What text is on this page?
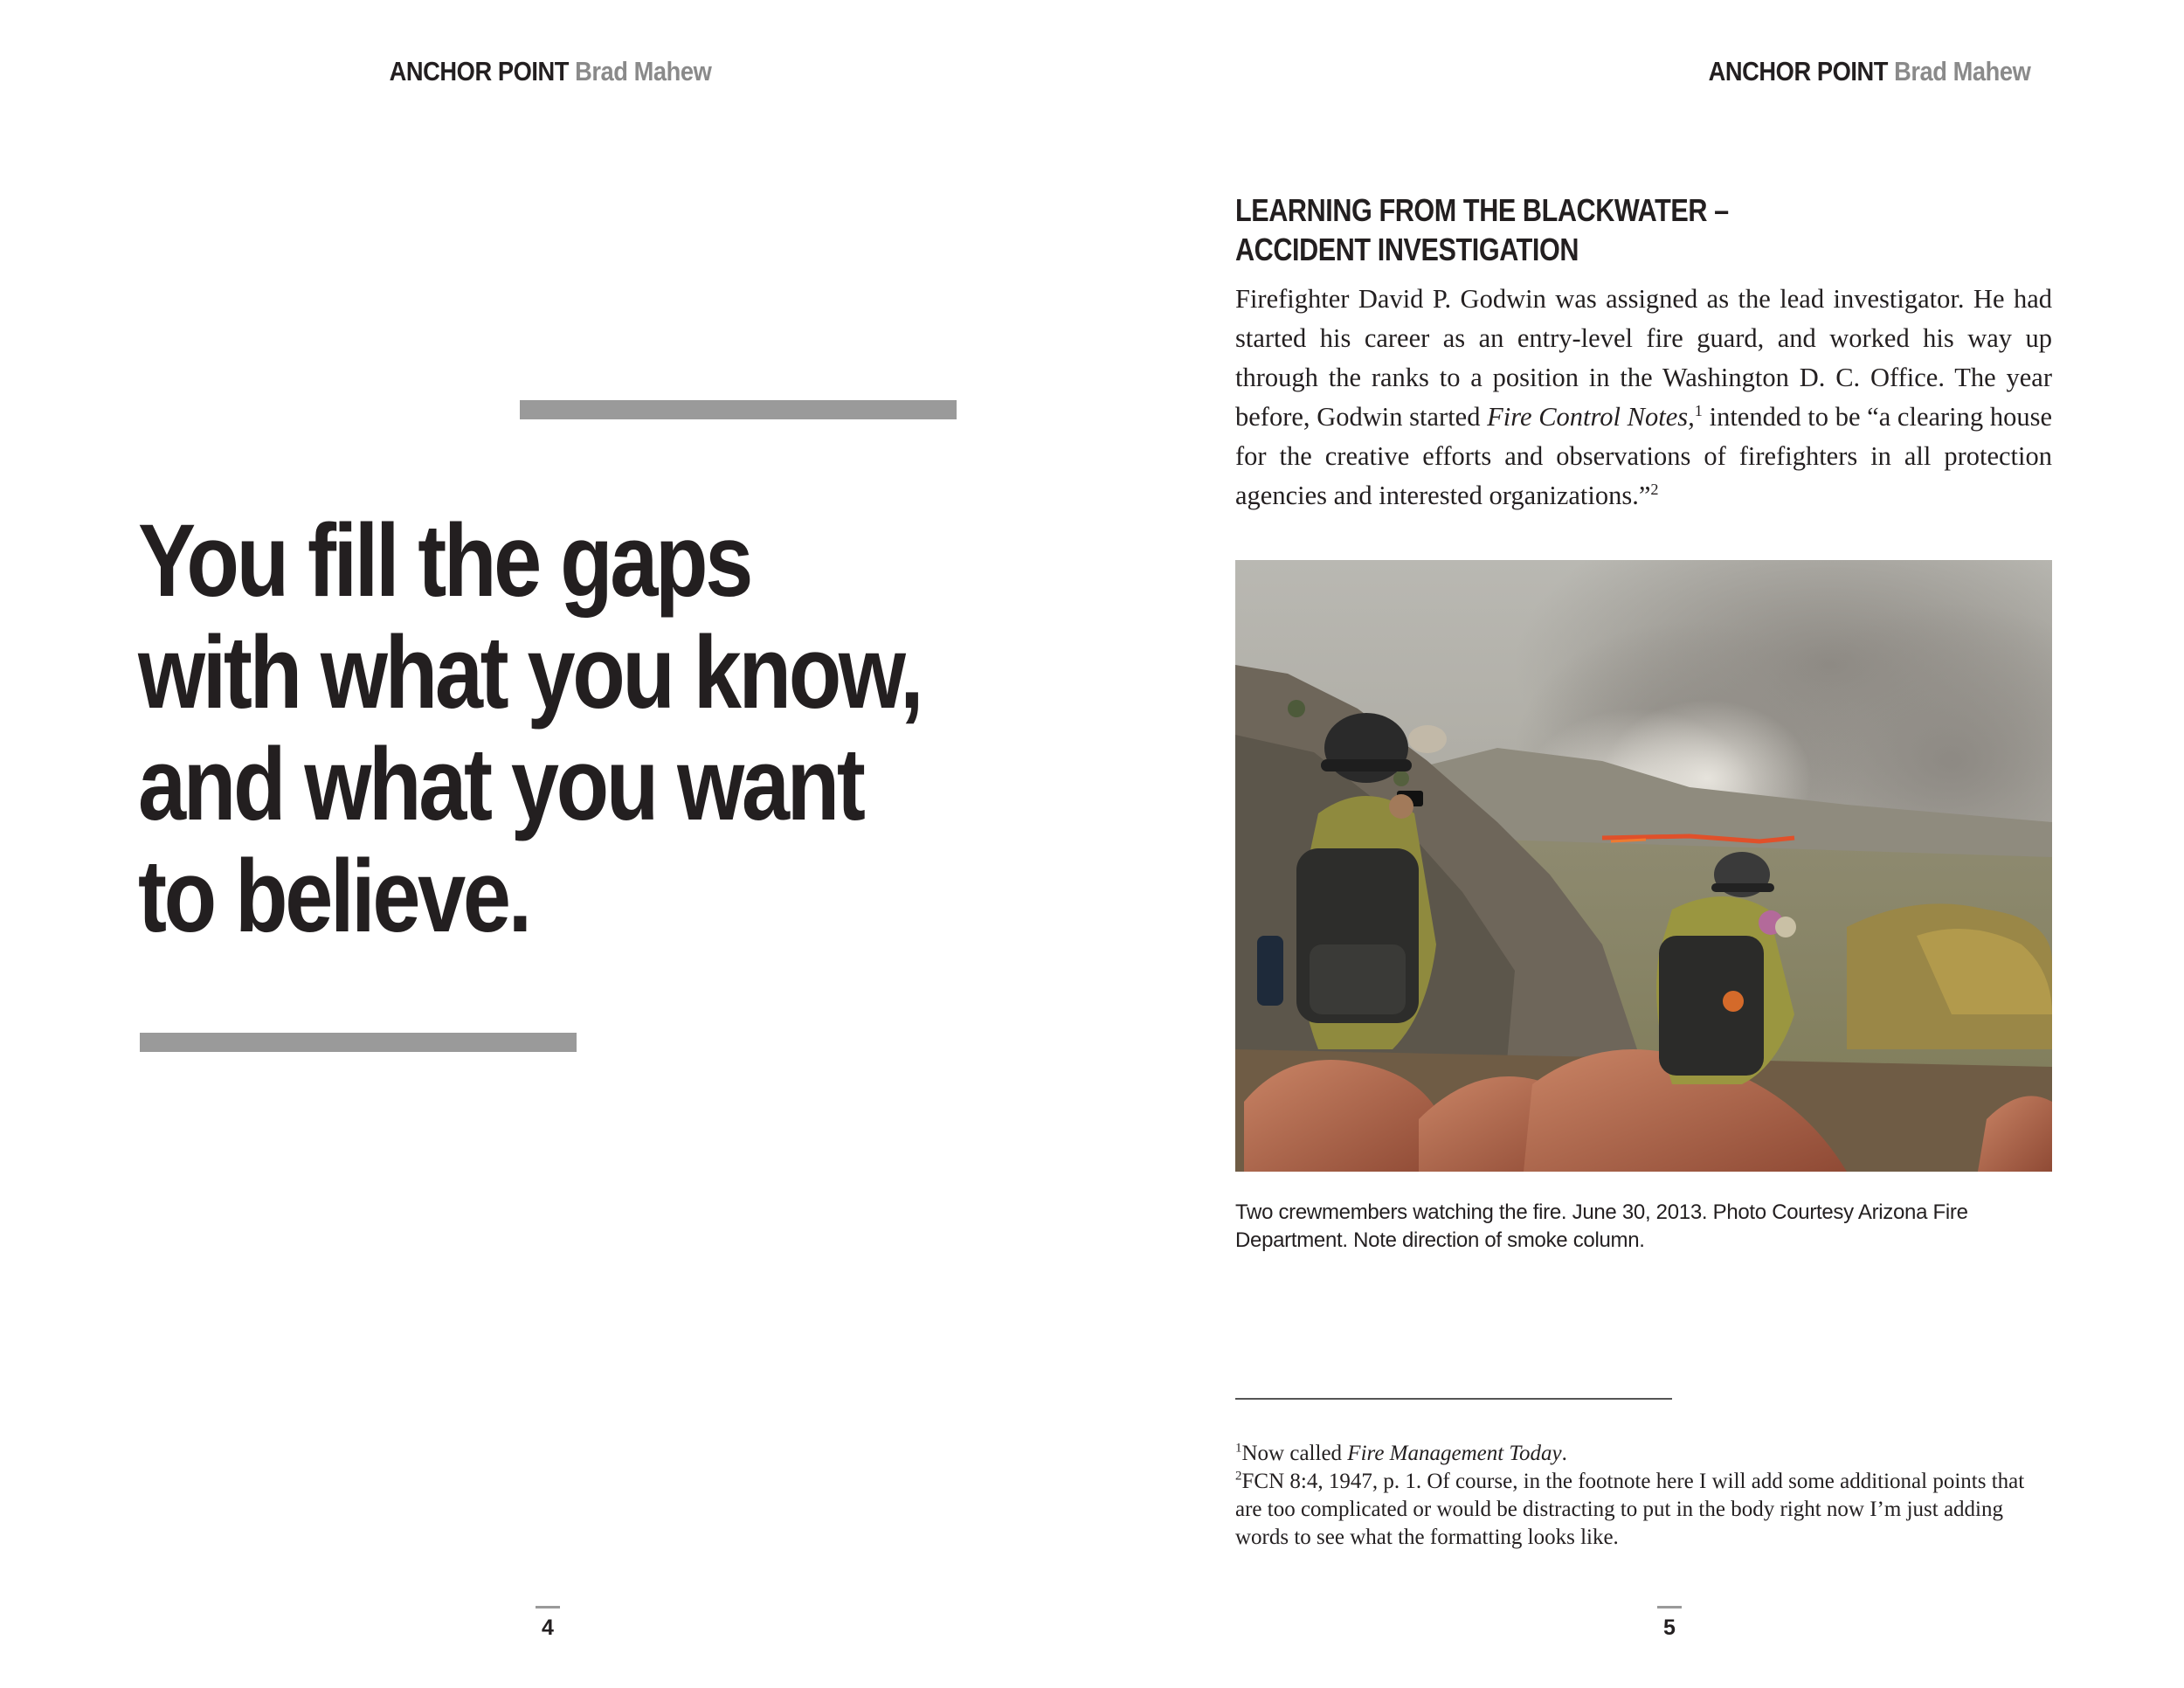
ANCHOR POINT Brad Mahew
You fill the gaps
with what you know,
and what you want
to believe.
4
ANCHOR POINT Brad Mahew
LEARNING FROM THE BLACKWATER –
ACCIDENT INVESTIGATION

Firefighter David P. Godwin was assigned as the lead investigator. He had started his career as an entry-level fire guard, and worked his way up through the ranks to a position in the Washington D. C. Office. The year before, Godwin started Fire Control Notes,$^1$ intended to be “a clearing house for the creative efforts and observations of firefighters in all protection agencies and interested organizations.”$^2$

Two crewmembers watching the fire. June 30, 2013. Photo Courtesy Arizona Fire Department. Note direction of smoke column.

$^1$Now called Fire Management Today.

$^2$FCN 8:4, 1947, p. 1. Of course, in the footnote here I will add some additional points that are too complicated or would be distracting to put in the body right now I’m just adding words to see what the formatting looks like.

5
